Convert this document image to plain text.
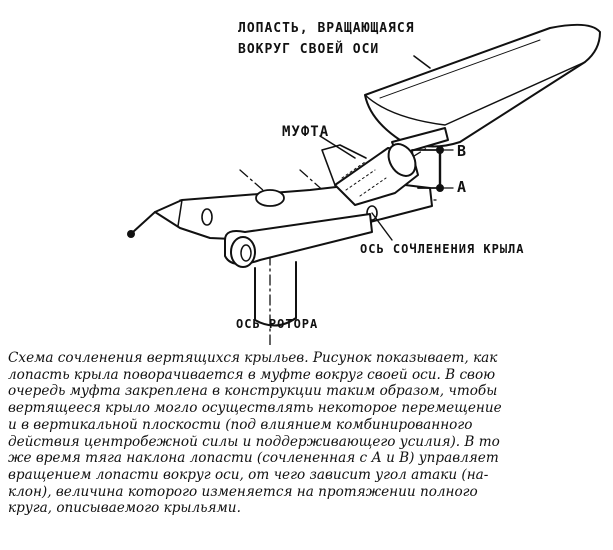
ЛОПАСТЬ, ВРАЩАЮЩАЯСЯ
ВОКРУГ СВОЕЙ ОСИ
МУФТА
В
А
ОСЬ СОЧЛЕНЕНИЯ КРЫЛА
ОСЬ РОТОРА

Схема сочленения вертящихся крыльев. Рисунок показывает, как
лопасть крыла поворачивается в муфте вокруг своей оси. В свою
очередь муфта закреплена в конструкции таким образом, чтобы
вертящееся крыло могло осуществлять некоторое перемещение
и в вертикальной плоскости (под влиянием комбинированного
действия центробежной силы и поддерживающего усилия). В то
же время тяга наклона лопасти (сочлененная с А и В) управляет
вращением лопасти вокруг оси, от чего зависит угол атаки (на-
клон), величина которого изменяется на протяжении полного
круга, описываемого крыльями.
